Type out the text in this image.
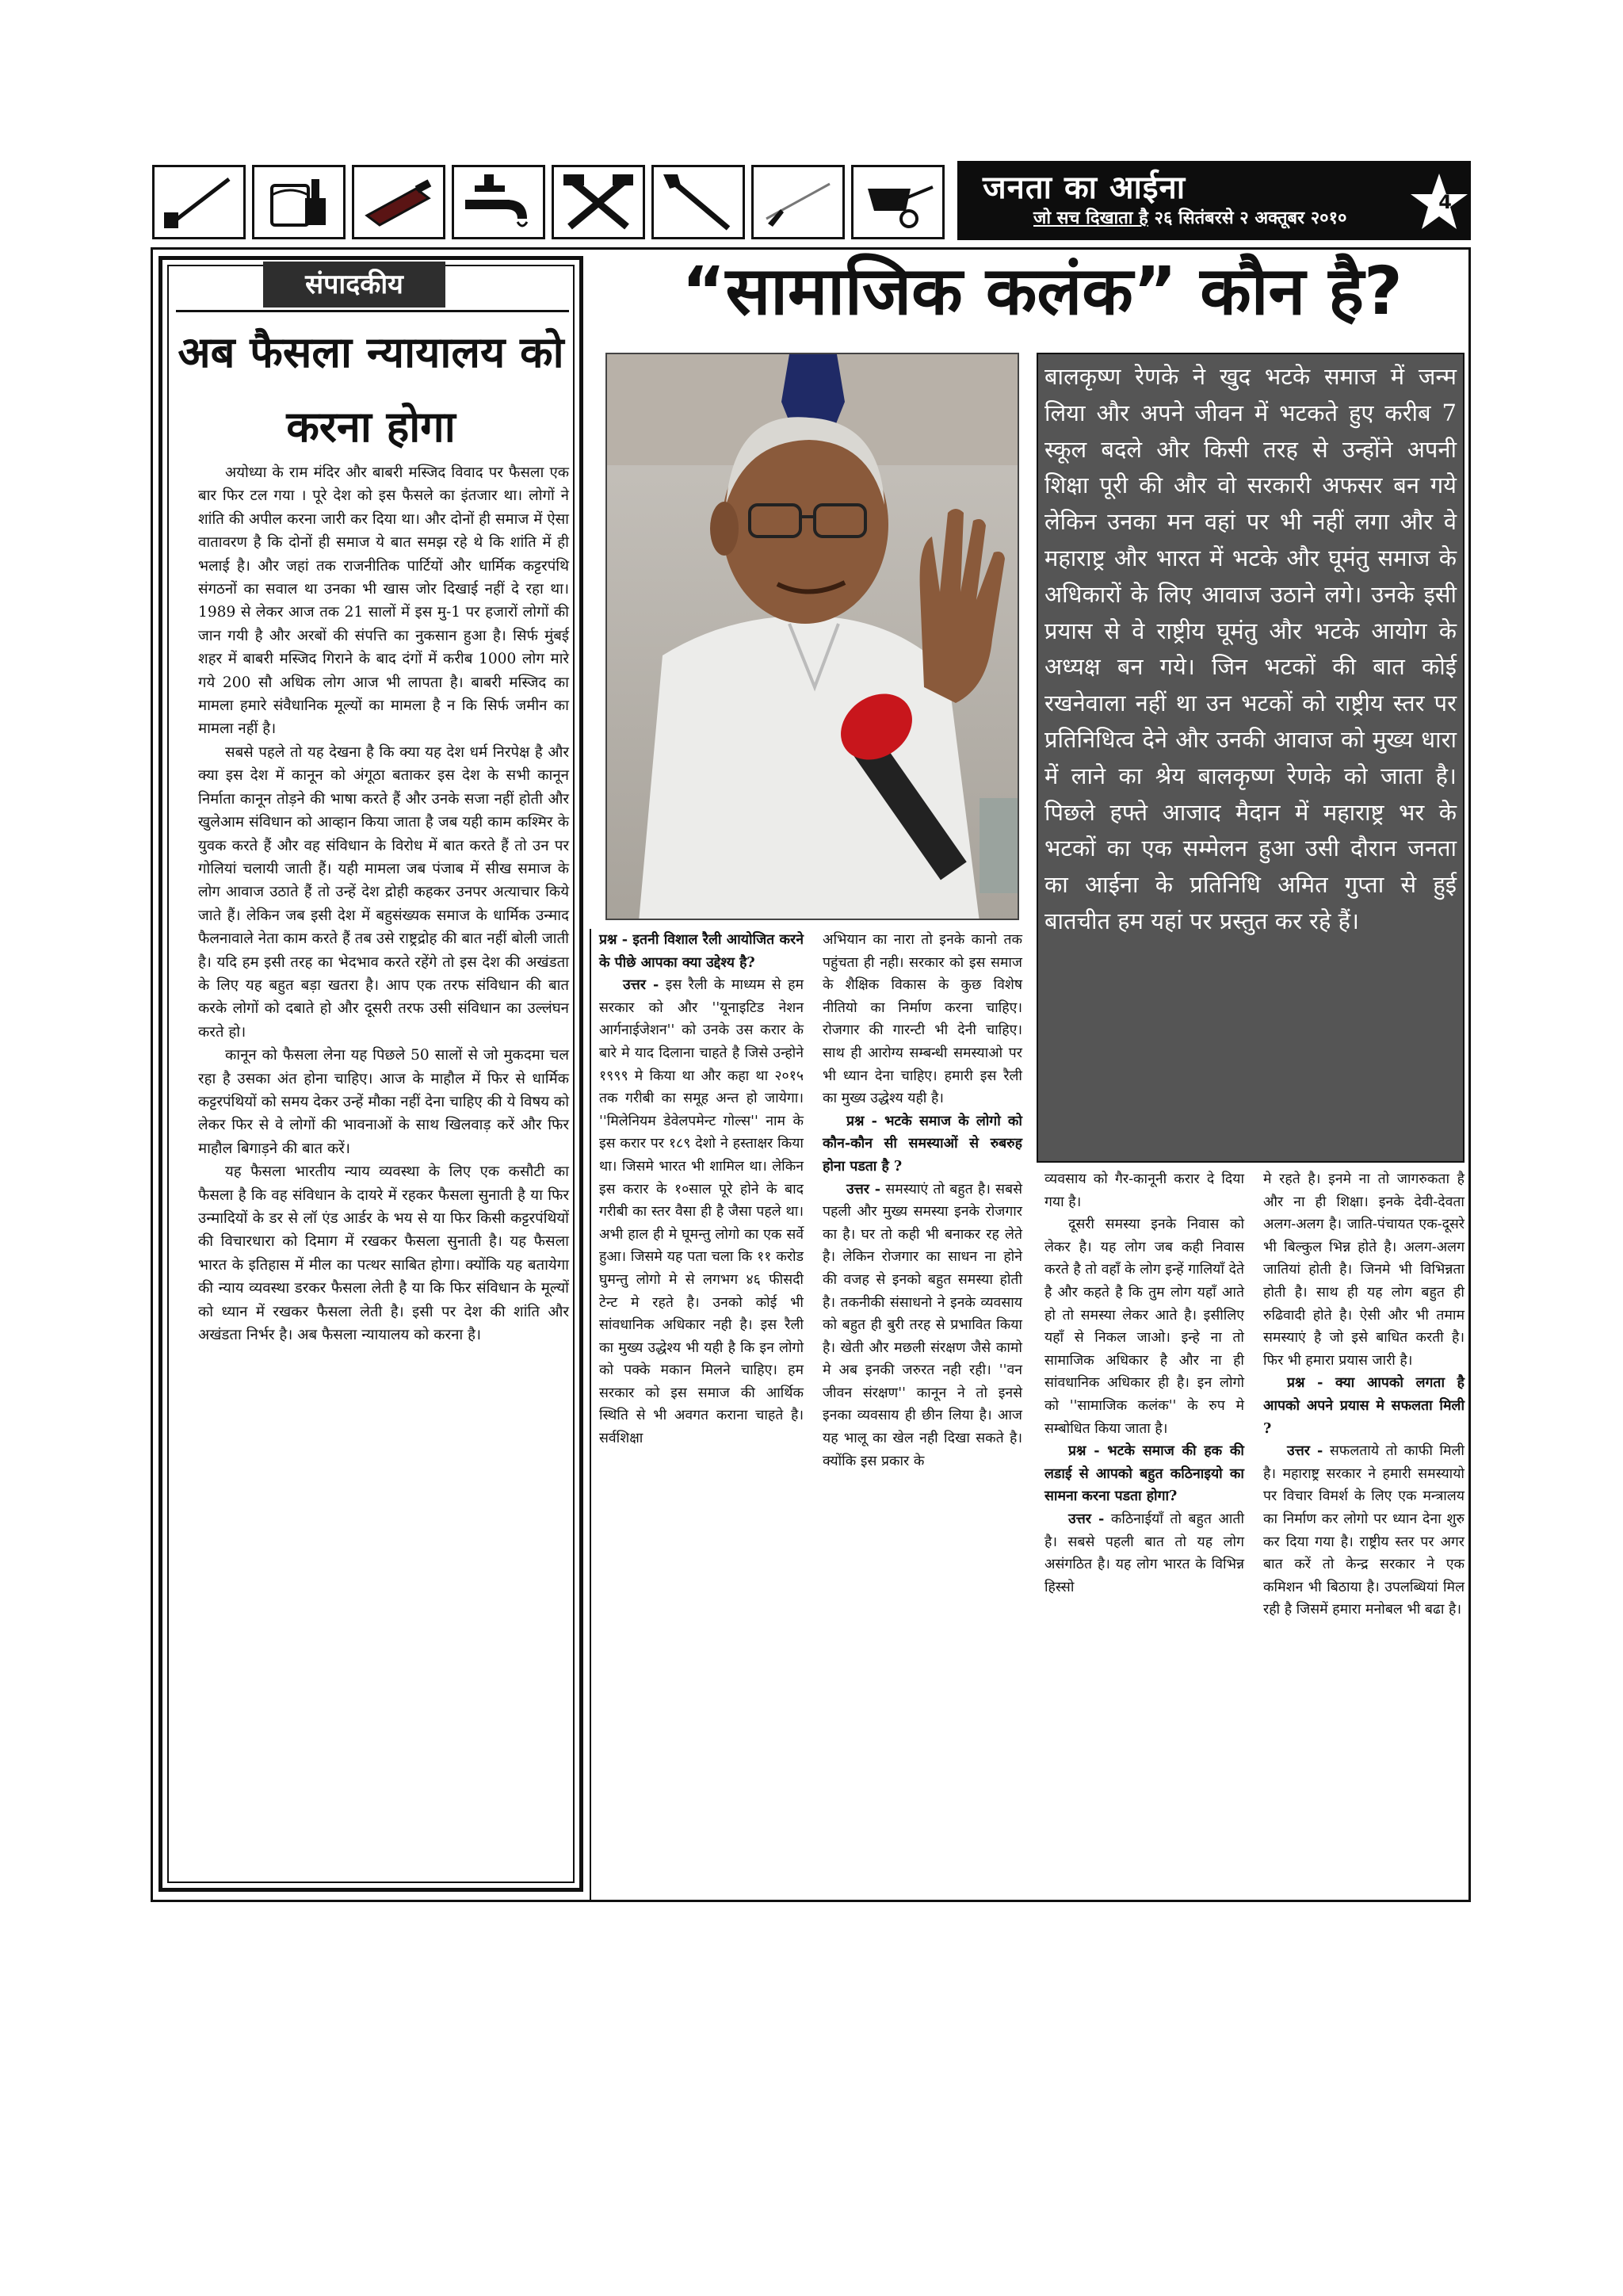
जनता का आईना
जो सच दिखाता है २६ सितंबरसे २ अक्तूबर २०१०
4
संपादकीय
अब फैसला न्यायालय को करना होगा

अयोध्या के राम मंदिर और बाबरी मस्जिद विवाद पर फैसला एक बार फिर टल गया । पूरे देश को इस फैसले का इंतजार था। लोगों ने शांति की अपील करना जारी कर दिया था। और दोनों ही समाज में ऐसा वातावरण है कि दोनों ही समाज ये बात समझ रहे थे कि शांति में ही भलाई है। और जहां तक राजनीतिक पार्टियों और धार्मिक कट्टरपंथि संगठनों का सवाल था उनका भी खास जोर दिखाई नहीं दे रहा था। 1989 से लेकर आज तक 21 सालों में इस मु-1 पर हजारों लोगों की जान गयी है और अरबों की संपत्ति का नुकसान हुआ है। सिर्फ मुंबई शहर में बाबरी मस्जिद गिराने के बाद दंगों में करीब 1000 लोग मारे गये 200 सौ अधिक लोग आज भी लापता है। बाबरी मस्जिद का मामला हमारे संवैधानिक मूल्यों का मामला है न कि सिर्फ जमीन का मामला नहीं है।

सबसे पहले तो यह देखना है कि क्या यह देश धर्म निरपेक्ष है और क्या इस देश में कानून को अंगूठा बताकर इस देश के सभी कानून निर्माता कानून तोड़ने की भाषा करते हैं और उनके सजा नहीं होती और खुलेआम संविधान को आव्हान किया जाता है जब यही काम कश्मिर के युवक करते हैं और वह संविधान के विरोध में बात करते हैं तो उन पर गोलियां चलायी जाती हैं। यही मामला जब पंजाब में सीख समाज के लोग आवाज उठाते हैं तो उन्हें देश द्रोही कहकर उनपर अत्याचार किये जाते हैं। लेकिन जब इसी देश में बहुसंख्यक समाज के धार्मिक उन्माद फैलनावाले नेता काम करते हैं तब उसे राष्ट्रद्रोह की बात नहीं बोली जाती है। यदि हम इसी तरह का भेदभाव करते रहेंगे तो इस देश की अखंडता के लिए यह बहुत बड़ा खतरा है। आप एक तरफ संविधान की बात करके लोगों को दबाते हो और दूसरी तरफ उसी संविधान का उल्लंघन करते हो।

कानून को फैसला लेना यह पिछले 50 सालों से जो मुकदमा चल रहा है उसका अंत होना चाहिए। आज के माहौल में फिर से धार्मिक कट्टरपंथियों को समय देकर उन्हें मौका नहीं देना चाहिए की ये विषय को लेकर फिर से वे लोगों की भावनाओं के साथ खिलवाड़ करें और फिर माहौल बिगाड़ने की बात करें।

यह फैसला भारतीय न्याय व्यवस्था के लिए एक कसौटी का फैसला है कि वह संविधान के दायरे में रहकर फैसला सुनाती है या फिर उन्मादियों के डर से लॉ एंड आर्डर के भय से या फिर किसी कट्टरपंथियों की विचारधारा को दिमाग में रखकर फैसला सुनाती है। यह फैसला भारत के इतिहास में मील का पत्थर साबित होगा। क्योंकि यह बतायेगा की न्याय व्यवस्था डरकर फैसला लेती है या कि फिर संविधान के मूल्यों को ध्यान में रखकर फैसला लेती है। इसी पर देश की शांति और अखंडता निर्भर है। अब फैसला न्यायालय को करना है।

“सामाजिक कलंक” कौन है?
बालकृष्ण रेणके ने खुद भटके समाज में जन्म लिया और अपने जीवन में भटकते हुए करीब 7 स्कूल बदले और किसी तरह से उन्होंने अपनी शिक्षा पूरी की और वो सरकारी अफसर बन गये लेकिन उनका मन वहां पर भी नहीं लगा और वे महाराष्ट्र और भारत में भटके और घूमंतु समाज के अधिकारों के लिए आवाज उठाने लगे। उनके इसी प्रयास से वे राष्ट्रीय घूमंतु और भटके आयोग के अध्यक्ष बन गये। जिन भटकों की बात कोई रखनेवाला नहीं था उन भटकों को राष्ट्रीय स्तर पर प्रतिनिधित्व देने और उनकी आवाज को मुख्य धारा में लाने का श्रेय बालकृष्ण रेणके को जाता है। पिछले हफ्ते आजाद मैदान में महाराष्ट्र भर के भटकों का एक सम्मेलन हुआ उसी दौरान जनता का आईना के प्रतिनिधि अमित गुप्ता से हुई बातचीत हम यहां पर प्रस्तुत कर रहे हैं।

प्रश्न - इतनी विशाल रैली आयोजित करने के पीछे आपका क्या उद्देश्य है?

उत्तर - इस रैली के माध्यम से हम सरकार को और ''यूनाइटिड नेशन आर्गनाईजेशन'' को उनके उस करार के बारे मे याद दिलाना चाहते है जिसे उन्होने १९९९ मे किया था और कहा था २०१५ तक गरीबी का समूह अन्त हो जायेगा। ''मिलेनियम डेवेलपमेन्ट गोल्स'' नाम के इस करार पर १८९ देशो ने हस्ताक्षर किया था। जिसमे भारत भी शामिल था। लेकिन इस करार के १०साल पूरे होने के बाद गरीबी का स्तर वैसा ही है जैसा पहले था। अभी हाल ही मे घूमन्तु लोगो का एक सर्वे हुआ। जिसमे यह पता चला कि ११ करोड घुमन्तु लोगो मे से लगभग ४६ फीसदी टेन्ट मे रहते है। उनको कोई भी सांवधानिक अधिकार नही है। इस रैली का मुख्य उद्धेश्य भी यही है कि इन लोगो को पक्के मकान मिलने चाहिए। हम सरकार को इस समाज की आर्थिक स्थिति से भी अवगत कराना चाहते है। सर्वशिक्षा

अभियान का नारा तो इनके कानो तक पहुंचता ही नही। सरकार को इस समाज के शैक्षिक विकास के कुछ विशेष नीतियो का निर्माण करना चाहिए। रोजगार की गारन्टी भी देनी चाहिए। साथ ही आरोग्य सम्बन्धी समस्याओ पर भी ध्यान देना चाहिए। हमारी इस रैली का मुख्य उद्धेश्य यही है।

प्रश्न - भटके समाज के लोगो को कौन-कौन सी समस्याओं से रुबरुह होना पडता है ?

उत्तर - समस्याएं तो बहुत है। सबसे पहली और मुख्य समस्या इनके रोजगार का है। घर तो कही भी बनाकर रह लेते है। लेकिन रोजगार का साधन ना होने की वजह से इनको बहुत समस्या होती है। तकनीकी संसाधनो ने इनके व्यवसाय को बहुत ही बुरी तरह से प्रभावित किया है। खेती और मछली संरक्षण जैसे कामो मे अब इनकी जरुरत नही रही। ''वन जीवन संरक्षण'' कानून ने तो इनसे इनका व्यवसाय ही छीन लिया है। आज यह भालू का खेल नही दिखा सकते है। क्योंकि इस प्रकार के

व्यवसाय को गैर-कानूनी करार दे दिया गया है।

दूसरी समस्या इनके निवास को लेकर है। यह लोग जब कही निवास करते है तो वहाँ के लोग इन्हें गालियाँ देते है और कहते है कि तुम लोग यहाँ आते हो तो समस्या लेकर आते है। इसीलिए यहाँ से निकल जाओ। इन्हे ना तो सामाजिक अधिकार है और ना ही सांवधानिक अधिकार ही है। इन लोगो को ''सामाजिक कलंक'' के रुप मे सम्बोधित किया जाता है।

प्रश्न - भटके समाज की हक की लडाई से आपको बहुत कठिनाइयो का सामना करना पडता होगा?

उत्तर - कठिनाईयाँ तो बहुत आती है। सबसे पहली बात तो यह लोग असंगठित है। यह लोग भारत के विभिन्न हिस्सो

मे रहते है। इनमे ना तो जागरुकता है और ना ही शिक्षा। इनके देवी-देवता अलग-अलग है। जाति-पंचायत एक-दूसरे भी बिल्कुल भिन्न होते है। अलग-अलग जातियां होती है। जिनमे भी विभिन्नता होती है। साथ ही यह लोग बहुत ही रुढिवादी होते है। ऐसी और भी तमाम समस्याएं है जो इसे बाधित करती है। फिर भी हमारा प्रयास जारी है।

प्रश्न - क्या आपको लगता है आपको अपने प्रयास मे सफलता मिली ?

उत्तर - सफलताये तो काफी मिली है। महाराष्ट्र सरकार ने हमारी समस्यायो पर विचार विमर्श के लिए एक मन्त्रालय का निर्माण कर लोगो पर ध्यान देना शुरु कर दिया गया है। राष्ट्रीय स्तर पर अगर बात करें तो केन्द्र सरकार ने एक कमिशन भी बिठाया है। उपलब्धियां मिल रही है जिसमें हमारा मनोबल भी बढा है।
